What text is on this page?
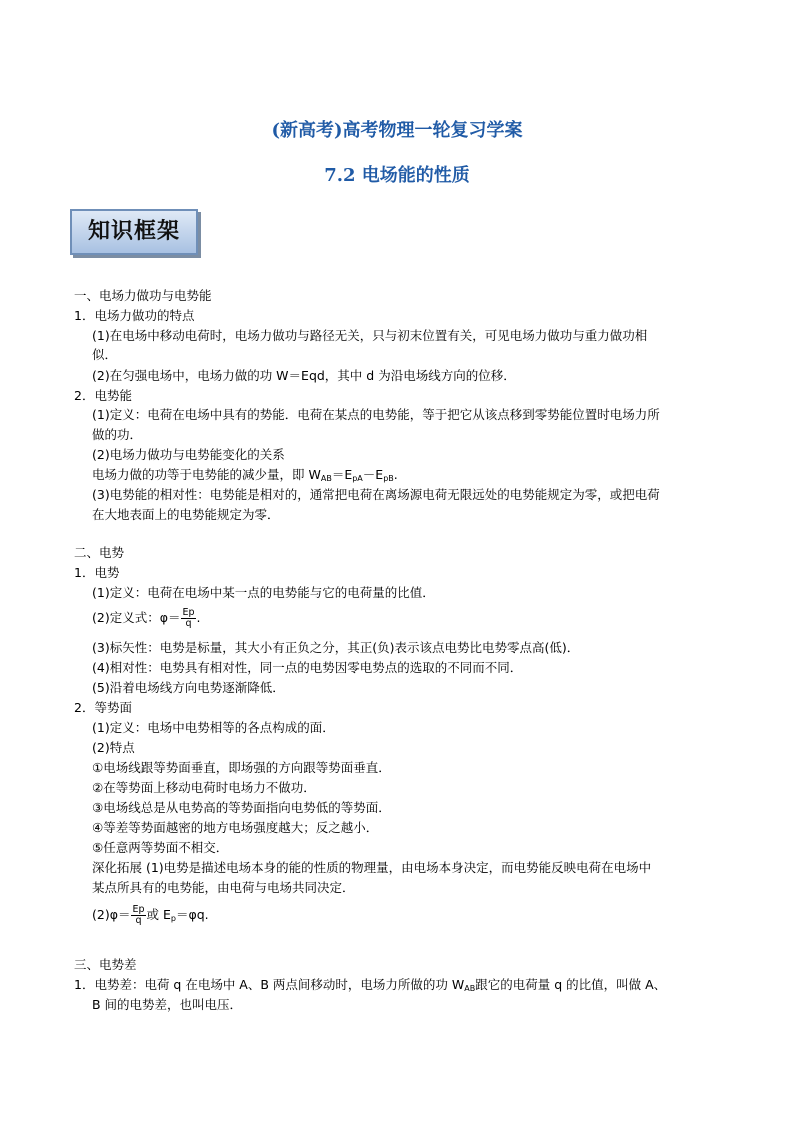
(新高考)高考物理一轮复习学案
7.2 电场能的性质
知识框架
一、电场力做功与电势能
1．电场力做功的特点
(1)在电场中移动电荷时，电场力做功与路径无关，只与初末位置有关，可见电场力做功与重力做功相
似．
(2)在匀强电场中，电场力做的功 W＝Eqd，其中 d 为沿电场线方向的位移．
2．电势能
(1)定义：电荷在电场中具有的势能．电荷在某点的电势能，等于把它从该点移到零势能位置时电场力所
做的功．
(2)电场力做功与电势能变化的关系
电场力做的功等于电势能的减少量，即 $W_{AB}=E_{pA}-E_{pB}$.
(3)电势能的相对性：电势能是相对的，通常把电荷在离场源电荷无限远处的电势能规定为零，或把电荷
在大地表面上的电势能规定为零．
二、电势
1．电势
(1)定义：电荷在电场中某一点的电势能与它的电荷量的比值．
(2)定义式：$\varphi= \frac{Ep}{q}$ .
(3)标矢性：电势是标量，其大小有正负之分，其正(负)表示该点电势比电势零点高(低)．
(4)相对性：电势具有相对性，同一点的电势因零电势点的选取的不同而不同．
(5)沿着电场线方向电势逐渐降低．
2．等势面
(1)定义：电场中电势相等的各点构成的面．
(2)特点
①电场线跟等势面垂直，即场强的方向跟等势面垂直．
②在等势面上移动电荷时电场力不做功．
③电场线总是从电势高的等势面指向电势低的等势面．
④等差等势面越密的地方电场强度越大；反之越小．
⑤任意两等势面不相交．
深化拓展 (1)电势是描述电场本身的能的性质的物理量，由电场本身决定，而电势能反映电荷在电场中
某点所具有的电势能，由电荷与电场共同决定．
$(2)\varphi= \frac{Ep}{q}$ 或 $E_p=\varphi q$.
三、电势差
1．电势差：电荷 q 在电场中 A、B 两点间移动时，电场力所做的功 $W_{AB}$跟它的电荷量 q 的比值，叫做 A、
B 间的电势差，也叫电压．
